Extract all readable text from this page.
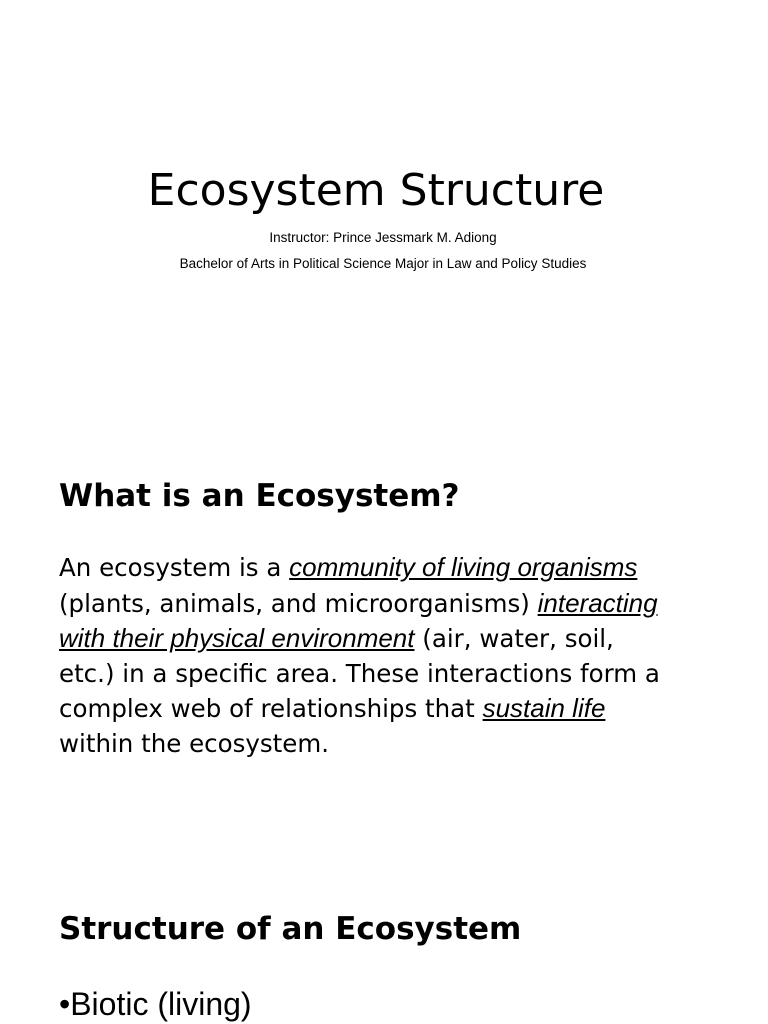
Ecosystem Structure
Instructor: Prince Jessmark M. Adiong
Bachelor of Arts in Political Science Major in Law and Policy Studies
What is an Ecosystem?
An ecosystem is a community of living organisms
(plants, animals, and microorganisms) interacting
with their physical environment (air, water, soil,
etc.) in a specific area. These interactions form a
complex web of relationships that sustain life
within the ecosystem.
Structure of an Ecosystem
•Biotic (living)
